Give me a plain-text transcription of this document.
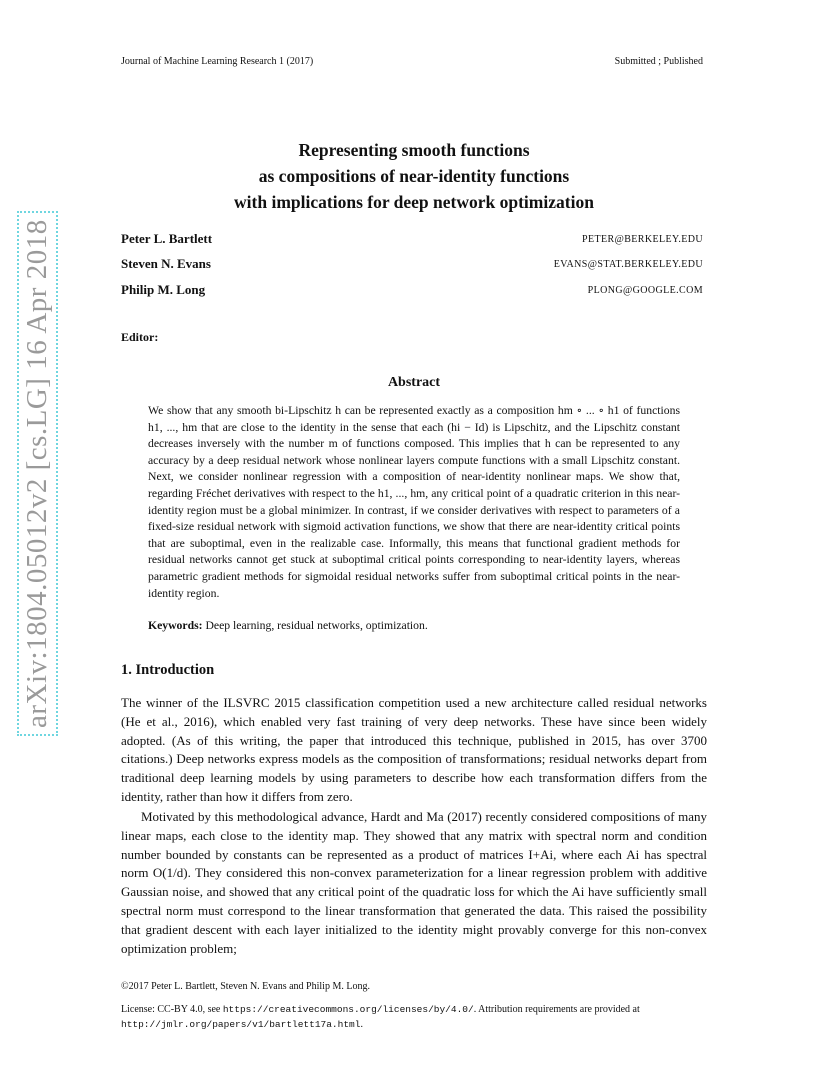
Journal of Machine Learning Research 1 (2017)	Submitted ; Published
Representing smooth functions
as compositions of near-identity functions
with implications for deep network optimization
Peter L. Bartlett	PETER@BERKELEY.EDU
Steven N. Evans	EVANS@STAT.BERKELEY.EDU
Philip M. Long	PLONG@GOOGLE.COM
Editor:
Abstract
We show that any smooth bi-Lipschitz h can be represented exactly as a composition hm ∘ ... ∘ h1 of functions h1, ..., hm that are close to the identity in the sense that each (hi − Id) is Lipschitz, and the Lipschitz constant decreases inversely with the number m of functions composed. This implies that h can be represented to any accuracy by a deep residual network whose nonlinear layers compute functions with a small Lipschitz constant. Next, we consider nonlinear regression with a composition of near-identity nonlinear maps. We show that, regarding Fréchet derivatives with respect to the h1, ..., hm, any critical point of a quadratic criterion in this near-identity region must be a global minimizer. In contrast, if we consider derivatives with respect to parameters of a fixed-size residual network with sigmoid activation functions, we show that there are near-identity critical points that are suboptimal, even in the realizable case. Informally, this means that functional gradient methods for residual networks cannot get stuck at suboptimal critical points corresponding to near-identity layers, whereas parametric gradient methods for sigmoidal residual networks suffer from suboptimal critical points in the near-identity region.
Keywords: Deep learning, residual networks, optimization.
1. Introduction
The winner of the ILSVRC 2015 classification competition used a new architecture called residual networks (He et al., 2016), which enabled very fast training of very deep networks. These have since been widely adopted. (As of this writing, the paper that introduced this technique, published in 2015, has over 3700 citations.) Deep networks express models as the composition of transformations; residual networks depart from traditional deep learning models by using parameters to describe how each transformation differs from the identity, rather than how it differs from zero.
Motivated by this methodological advance, Hardt and Ma (2017) recently considered compositions of many linear maps, each close to the identity map. They showed that any matrix with spectral norm and condition number bounded by constants can be represented as a product of matrices I+Ai, where each Ai has spectral norm O(1/d). They considered this non-convex parameterization for a linear regression problem with additive Gaussian noise, and showed that any critical point of the quadratic loss for which the Ai have sufficiently small spectral norm must correspond to the linear transformation that generated the data. This raised the possibility that gradient descent with each layer initialized to the identity might provably converge for this non-convex optimization problem;
arXiv:1804.05012v2 [cs.LG] 16 Apr 2018
©2017 Peter L. Bartlett, Steven N. Evans and Philip M. Long.
License: CC-BY 4.0, see https://creativecommons.org/licenses/by/4.0/. Attribution requirements are provided at http://jmlr.org/papers/v1/bartlett17a.html.
